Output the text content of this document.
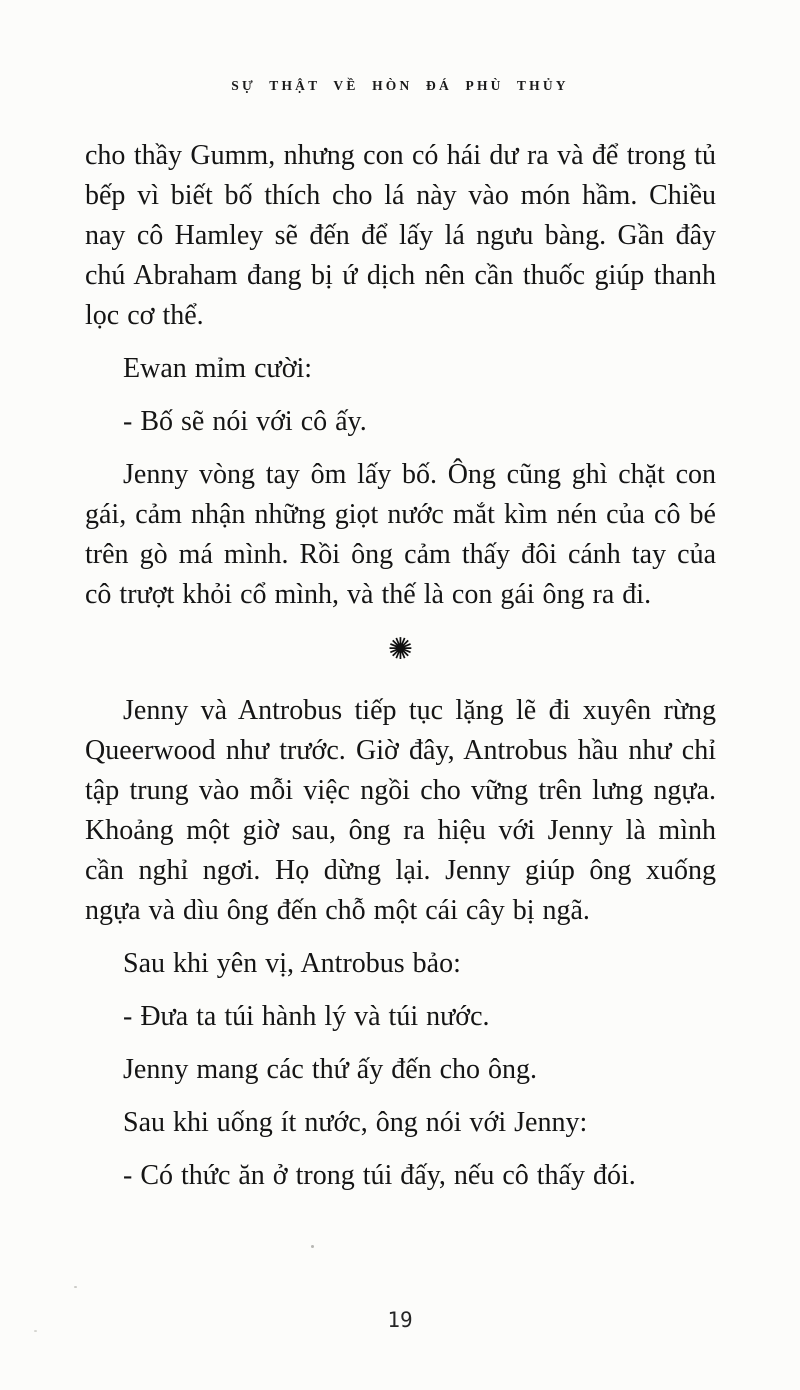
SỰ THẬT VỀ HÒN ĐÁ PHÙ THỦY

cho thầy Gumm, nhưng con có hái dư ra và để trong tủ bếp vì biết bố thích cho lá này vào món hầm. Chiều nay cô Hamley sẽ đến để lấy lá ngưu bàng. Gần đây chú Abraham đang bị ứ dịch nên cần thuốc giúp thanh lọc cơ thể.

Ewan mỉm cười:

- Bố sẽ nói với cô ấy.

Jenny vòng tay ôm lấy bố. Ông cũng ghì chặt con gái, cảm nhận những giọt nước mắt kìm nén của cô bé trên gò má mình. Rồi ông cảm thấy đôi cánh tay của cô trượt khỏi cổ mình, và thế là con gái ông ra đi.

✺

Jenny và Antrobus tiếp tục lặng lẽ đi xuyên rừng Queerwood như trước. Giờ đây, Antrobus hầu như chỉ tập trung vào mỗi việc ngồi cho vững trên lưng ngựa. Khoảng một giờ sau, ông ra hiệu với Jenny là mình cần nghỉ ngơi. Họ dừng lại. Jenny giúp ông xuống ngựa và dìu ông đến chỗ một cái cây bị ngã.

Sau khi yên vị, Antrobus bảo:

- Đưa ta túi hành lý và túi nước.

Jenny mang các thứ ấy đến cho ông.

Sau khi uống ít nước, ông nói với Jenny:

- Có thức ăn ở trong túi đấy, nếu cô thấy đói.

19
